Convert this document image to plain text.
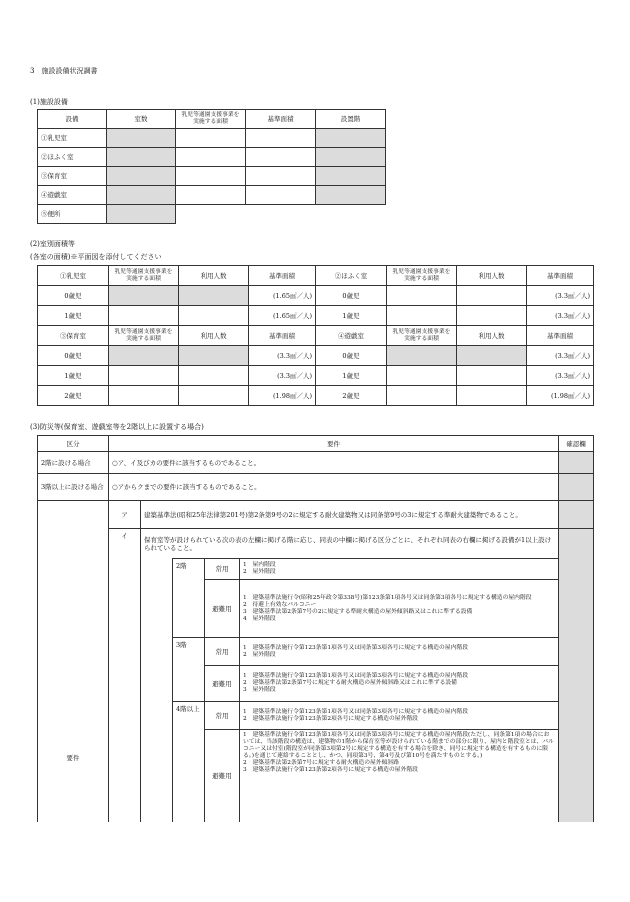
3　施設設備状況調書
(1)施設設備
設備	室数	乳児等通園支援事業を実施する面積	基準面積	設置階
①乳児室				
②ほふく室				
③保育室				
④遊戯室				
⑤便所				
(2)室別面積等
(各室の面積)※平面図を添付してください
①乳児室	乳児等通園支援事業を実施する面積	利用人数	基準面積	②ほふく室	乳児等通園支援事業を実施する面積	利用人数	基準面積
0歳児			(1.65㎡／人)	0歳児			(3.3㎡／人)
1歳児			(1.65㎡／人)	1歳児			(3.3㎡／人)
③保育室	乳児等通園支援事業を実施する面積	利用人数	基準面積	④遊戯室	乳児等通園支援事業を実施する面積	利用人数	基準面積
0歳児			(3.3㎡／人)	0歳児			(3.3㎡／人)
1歳児			(3.3㎡／人)	1歳児			(3.3㎡／人)
2歳児			(1.98㎡／人)	2歳児			(1.98㎡／人)
(3)防災等(保育室、遊戯室等を2階以上に設置する場合)
区分	要件					確認欄
2階に設ける場合	○ア、イ及びカの要件に該当するものであること。					
3階以上に設ける場合	○アからクまでの要件に該当するものであること。					
要件	ア	建築基準法(昭和25年法律第201号)第2条第9号の2に規定する耐火建築物又は同条第9号の3に規定する準耐火建築物であること。				
	イ	保育室等が設けられている次の表の左欄に掲げる階に応じ、同表の中欄に掲げる区分ごとに、それぞれ同表の右欄に掲げる設備が1以上設けられていること。				
			2階	常用	1　屋内階段
2　屋外階段	

				避難用	1　建築基準法施行令(昭和25年政令第338号)第123条第1項各号又は同条第3項各号に規定する構造の屋内階段
2　待避上有効なバルコニー
3　建築基準法第2条第7号の2に規定する準耐火構造の屋外傾斜路又はこれに準ずる設備
4　屋外階段	

			3階	常用	1　建築基準法施行令第123条第1項各号又は同条第3項各号に規定する構造の屋内階段
2　屋外階段	

				避難用	1　建築基準法施行令第123条第1項各号又は同条第3項各号に規定する構造の屋内階段
2　建築基準法第2条第7号に規定する耐火構造の屋外傾斜路又はこれに準ずる設備
3　屋外階段	

			4階以上	常用	1　建築基準法施行令第123条第1項各号又は同条第3項各号に規定する構造の屋内階段
2　建築基準法施行令第123条第2項各号に規定する構造の屋外階段	

				避難用	1　建築基準法施行令第123条第1項各号又は同条第3項各号に規定する構造の屋内階段(ただし、同条第1項の場合においては、当該階段の構造は、建築物の1階から保育室等が設けられている階までの部分に限り、屋内と階段室とは、バルコニー又は付室(階段室が同条第3項第2号に規定する構造を有する場合を除き、同号に規定する構造を有するものに限る。)を通じて連絡することとし、かつ、同項第3号、第4号及び第10号を満たすものとする。)
2　建築基準法第2条第7号に規定する耐火構造の屋外傾斜路
3　建築基準法施行令第123条第2項各号に規定する構造の屋外階段	
